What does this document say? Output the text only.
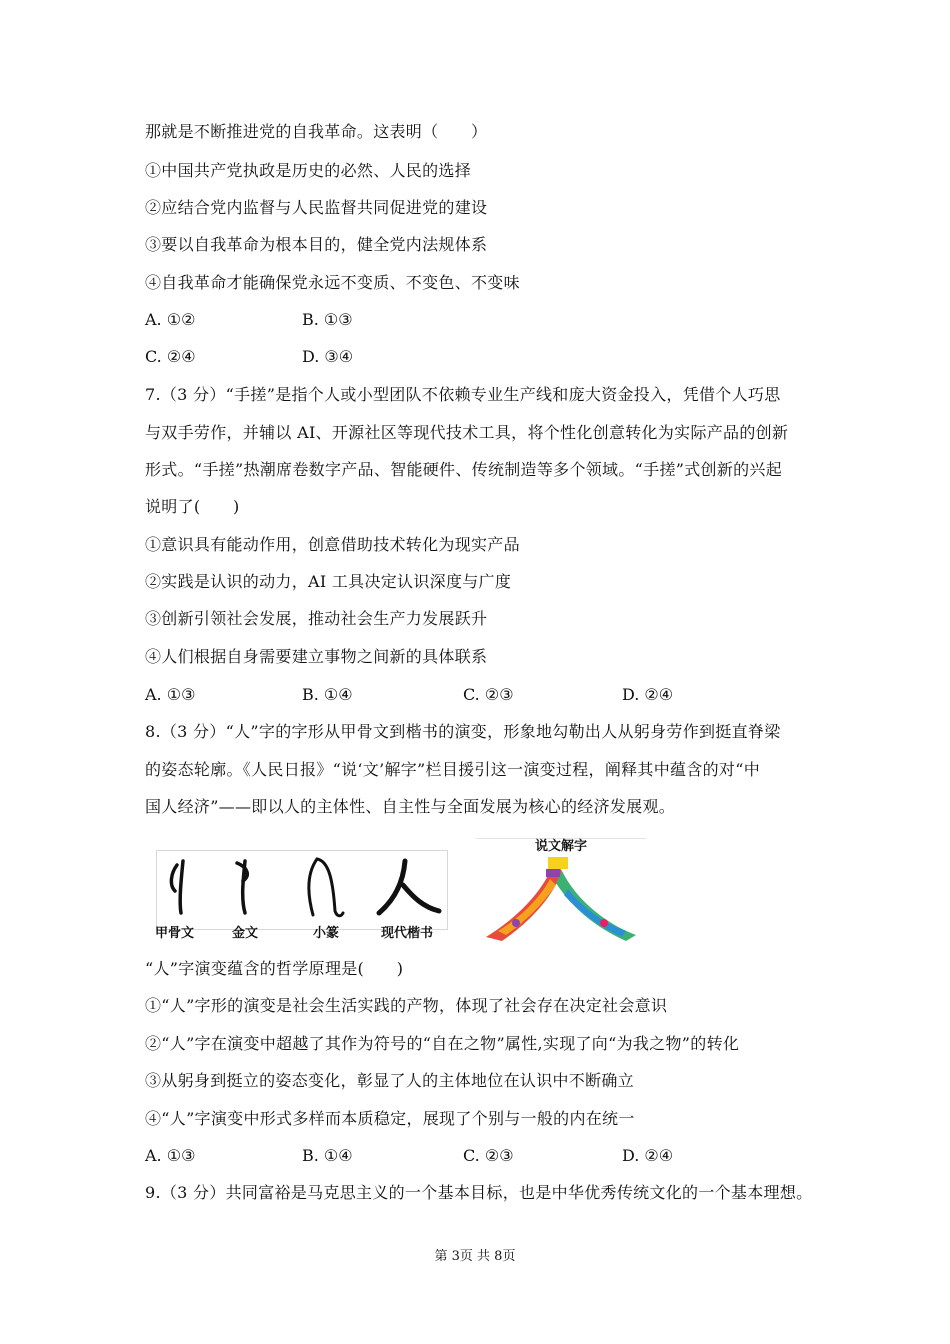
那就是不断推进党的自我革命。这表明（　　）
①中国共产党执政是历史的必然、人民的选择
②应结合党内监督与人民监督共同促进党的建设
③要以自我革命为根本目的，健全党内法规体系
④自我革命才能确保党永远不变质、不变色、不变味
A. ①②	B. ①③
C. ②④	D. ③④
7.（3 分）“手搓”是指个人或小型团队不依赖专业生产线和庞大资金投入，凭借个人巧思
与双手劳作，并辅以 AI、开源社区等现代技术工具，将个性化创意转化为实际产品的创新
形式。“手搓”热潮席卷数字产品、智能硬件、传统制造等多个领域。“手搓”式创新的兴起
说明了(　　)
①意识具有能动作用，创意借助技术转化为现实产品
②实践是认识的动力，AI 工具决定认识深度与广度
③创新引领社会发展，推动社会生产力发展跃升
④人们根据自身需要建立事物之间新的具体联系
A. ①③	B. ①④	C. ②③	D. ②④
8.（3 分）“人”字的字形从甲骨文到楷书的演变，形象地勾勒出人从躬身劳作到挺直脊梁
的姿态轮廓。《人民日报》“说‘文’解字”栏目援引这一演变过程，阐释其中蕴含的对“中
国人经济”——即以人的主体性、自主性与全面发展为核心的经济发展观。
甲骨文	金文	小篆	现代楷书
说文解字
“人”字演变蕴含的哲学原理是(　　)
①“人”字形的演变是社会生活实践的产物，体现了社会存在决定社会意识
②“人”字在演变中超越了其作为符号的“自在之物”属性,实现了向“为我之物”的转化
③从躬身到挺立的姿态变化，彰显了人的主体地位在认识中不断确立
④“人”字演变中形式多样而本质稳定，展现了个别与一般的内在统一
A. ①③	B. ①④	C. ②③	D. ②④
9.（3 分）共同富裕是马克思主义的一个基本目标，也是中华优秀传统文化的一个基本理想。
第 3页 共 8页
